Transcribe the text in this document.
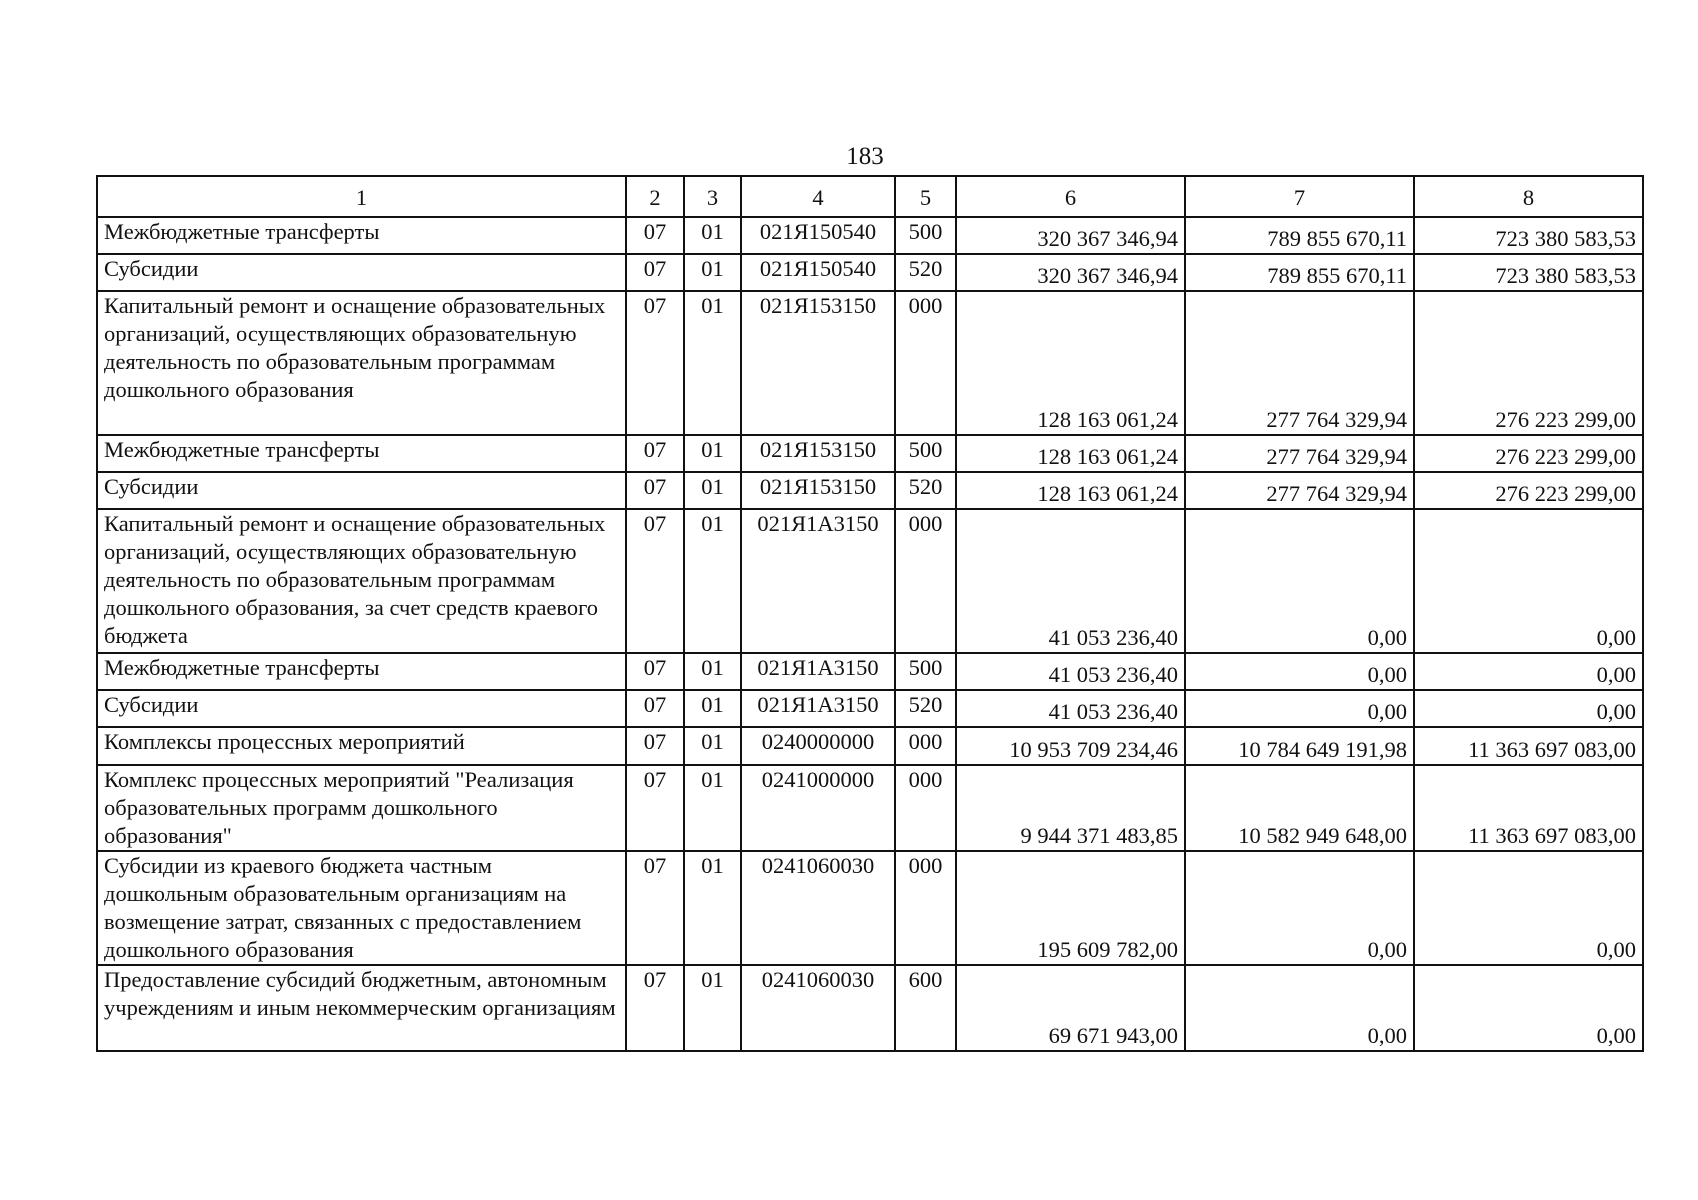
183
1	2	3	4	5	6	7	8
Межбюджетные трансферты	07	01	021Я150540	500	320 367 346,94	789 855 670,11	723 380 583,53
Субсидии	07	01	021Я150540	520	320 367 346,94	789 855 670,11	723 380 583,53
Капитальный ремонт и оснащение образовательных организаций, осуществляющих образовательную деятельность по образовательным программам дошкольного образования	07	01	021Я153150	000	128 163 061,24	277 764 329,94	276 223 299,00
Межбюджетные трансферты	07	01	021Я153150	500	128 163 061,24	277 764 329,94	276 223 299,00
Субсидии	07	01	021Я153150	520	128 163 061,24	277 764 329,94	276 223 299,00
Капитальный ремонт и оснащение образовательных организаций, осуществляющих образовательную деятельность по образовательным программам дошкольного образования, за счет средств краевого бюджета	07	01	021Я1А3150	000	41 053 236,40	0,00	0,00
Межбюджетные трансферты	07	01	021Я1А3150	500	41 053 236,40	0,00	0,00
Субсидии	07	01	021Я1А3150	520	41 053 236,40	0,00	0,00
Комплексы процессных мероприятий	07	01	0240000000	000	10 953 709 234,46	10 784 649 191,98	11 363 697 083,00
Комплекс процессных мероприятий "Реализация образовательных программ дошкольного образования"	07	01	0241000000	000	9 944 371 483,85	10 582 949 648,00	11 363 697 083,00
Субсидии из краевого бюджета частным дошкольным образовательным организациям на возмещение затрат, связанных с предоставлением дошкольного образования	07	01	0241060030	000	195 609 782,00	0,00	0,00
Предоставление субсидий бюджетным, автономным учреждениям и иным некоммерческим организациям	07	01	0241060030	600	69 671 943,00	0,00	0,00
